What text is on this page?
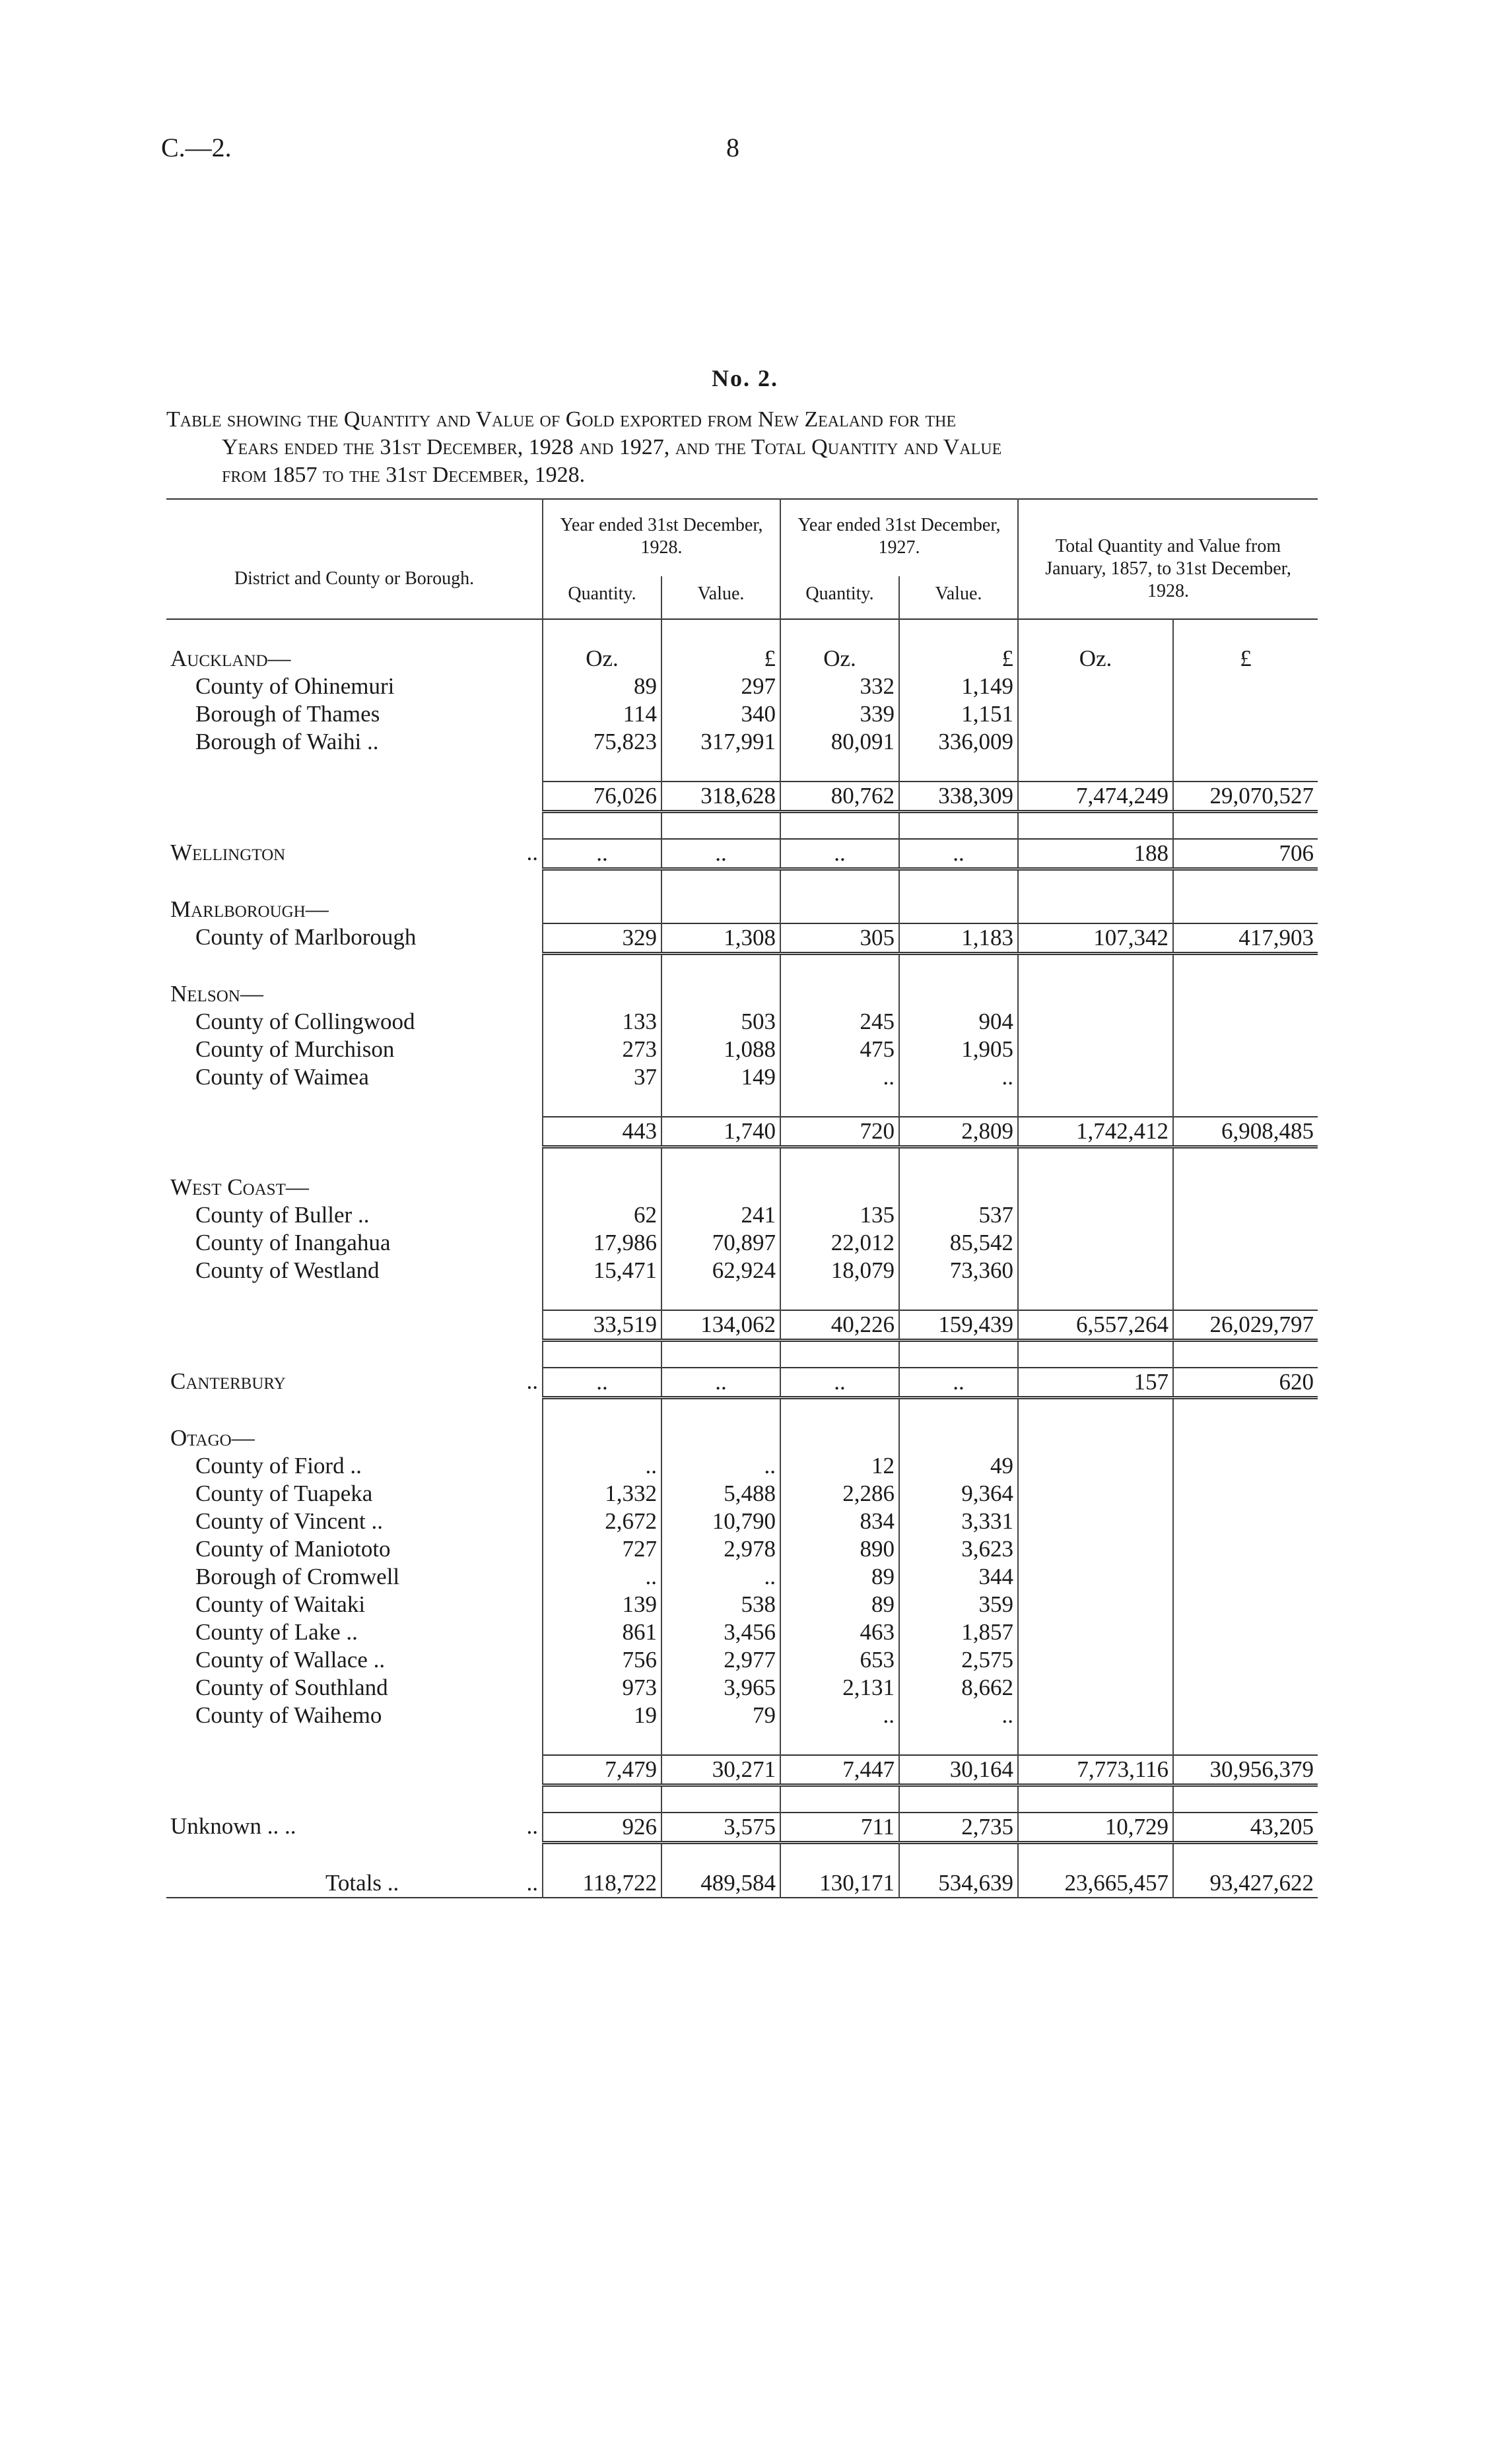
C.—2.	8
No. 2.
Table showing the Quantity and Value of Gold exported from New Zealand for the
Years ended the 31st December, 1928 and 1927, and the Total Quantity and Value
from 1857 to the 31st December, 1928.
District and County or Borough.	Year ended 31st December, 1928.		Year ended 31st December, 1927.		Total Quantity and Value from January, 1857, to 31st December, 1928.	
	Quantity.	Value.	Quantity.	Value.		

Auckland—	Oz.	£	Oz.	£	Oz.	£
County of Ohinemuri	89	297	332	1,149		
Borough of Thames	114	340	339	1,151		
Borough of Waihi ..	75,823	317,991	80,091	336,009		

	76,026	318,628	80,762	338,309	7,474,249	29,070,527

Wellington ..	..	..	..	..	188	706

Marlborough—						
County of Marlborough	329	1,308	305	1,183	107,342	417,903

Nelson—						
County of Collingwood	133	503	245	904		
County of Murchison	273	1,088	475	1,905		
County of Waimea	37	149	..	..		

	443	1,740	720	2,809	1,742,412	6,908,485

West Coast—						
County of Buller ..	62	241	135	537		
County of Inangahua	17,986	70,897	22,012	85,542		
County of Westland	15,471	62,924	18,079	73,360		

	33,519	134,062	40,226	159,439	6,557,264	26,029,797

Canterbury ..	..	..	..	..	157	620

Otago—						
County of Fiord ..	..	..	12	49		
County of Tuapeka	1,332	5,488	2,286	9,364		
County of Vincent ..	2,672	10,790	834	3,331		
County of Maniototo	727	2,978	890	3,623		
Borough of Cromwell	..	..	89	344		
County of Waitaki	139	538	89	359		
County of Lake ..	861	3,456	463	1,857		
County of Wallace ..	756	2,977	653	2,575		
County of Southland	973	3,965	2,131	8,662		
County of Waihemo	19	79	..	..		

	7,479	30,271	7,447	30,164	7,773,116	30,956,379

Unknown .. .. ..	926	3,575	711	2,735	10,729	43,205

Totals .. ..	118,722	489,584	130,171	534,639	23,665,457	93,427,622
